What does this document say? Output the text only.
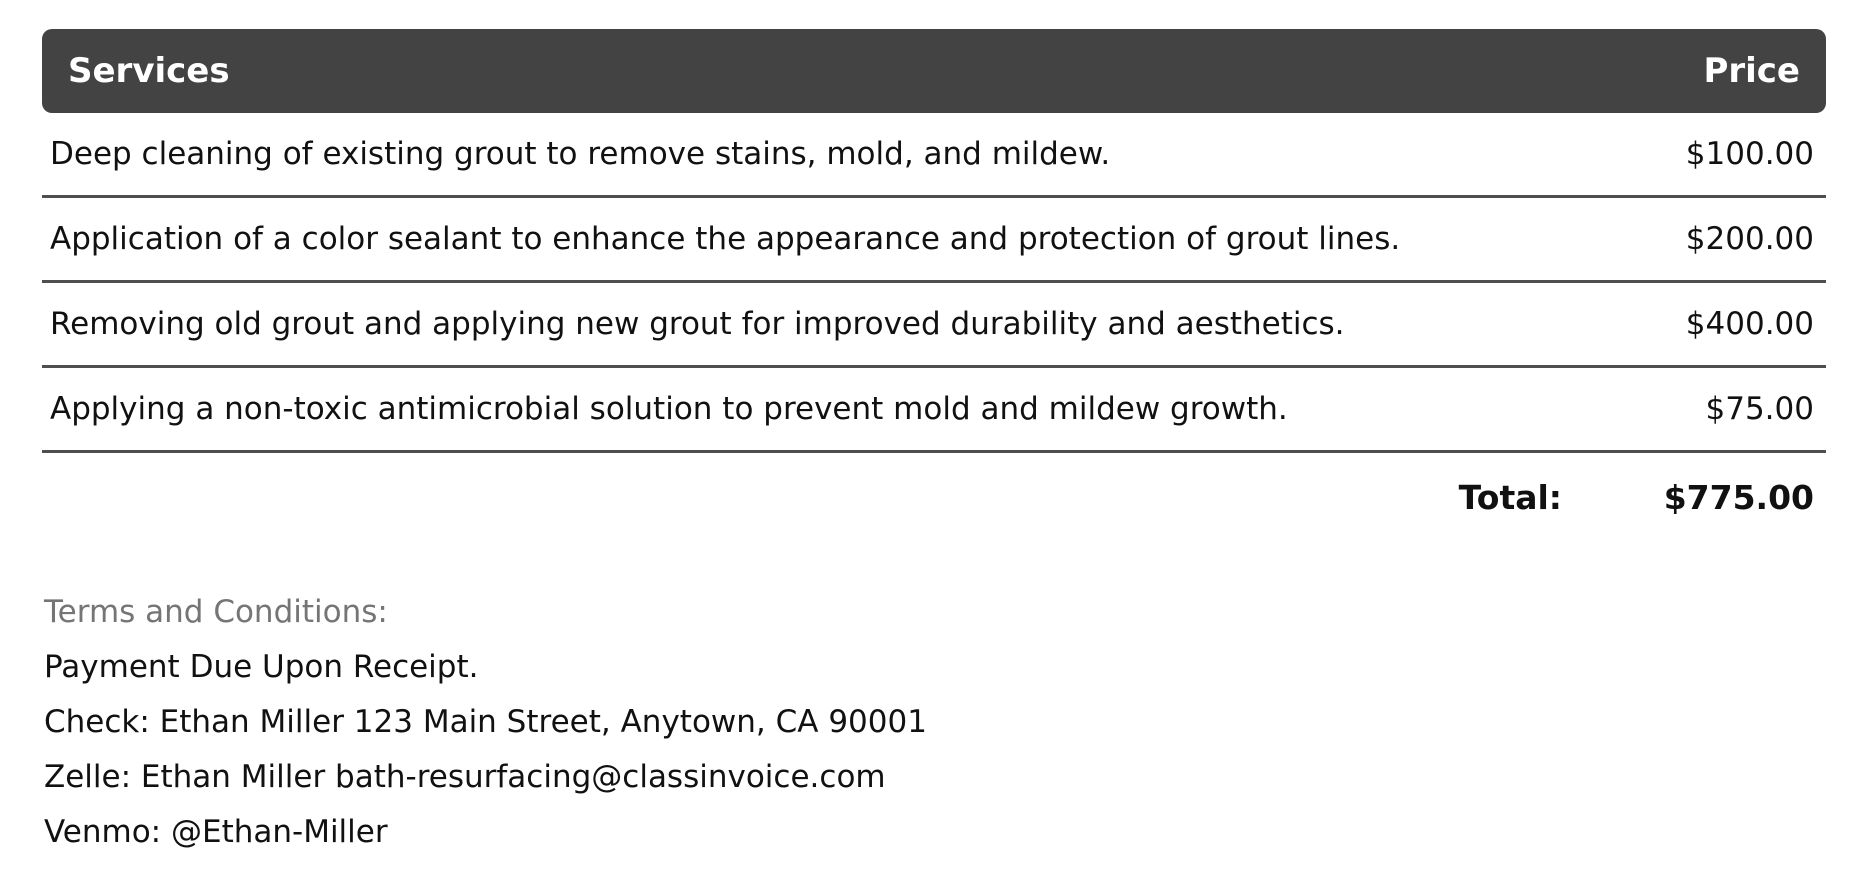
Services	Price
Deep cleaning of existing grout to remove stains, mold, and mildew.	$100.00
Application of a color sealant to enhance the appearance and protection of grout lines.	$200.00
Removing old grout and applying new grout for improved durability and aesthetics.	$400.00
Applying a non-toxic antimicrobial solution to prevent mold and mildew growth.	$75.00
Total:	$775.00
Terms and Conditions:
Payment Due Upon Receipt.
Check: Ethan Miller 123 Main Street, Anytown, CA 90001
Zelle: Ethan Miller bath-resurfacing@classinvoice.com
Venmo: @Ethan-Miller
